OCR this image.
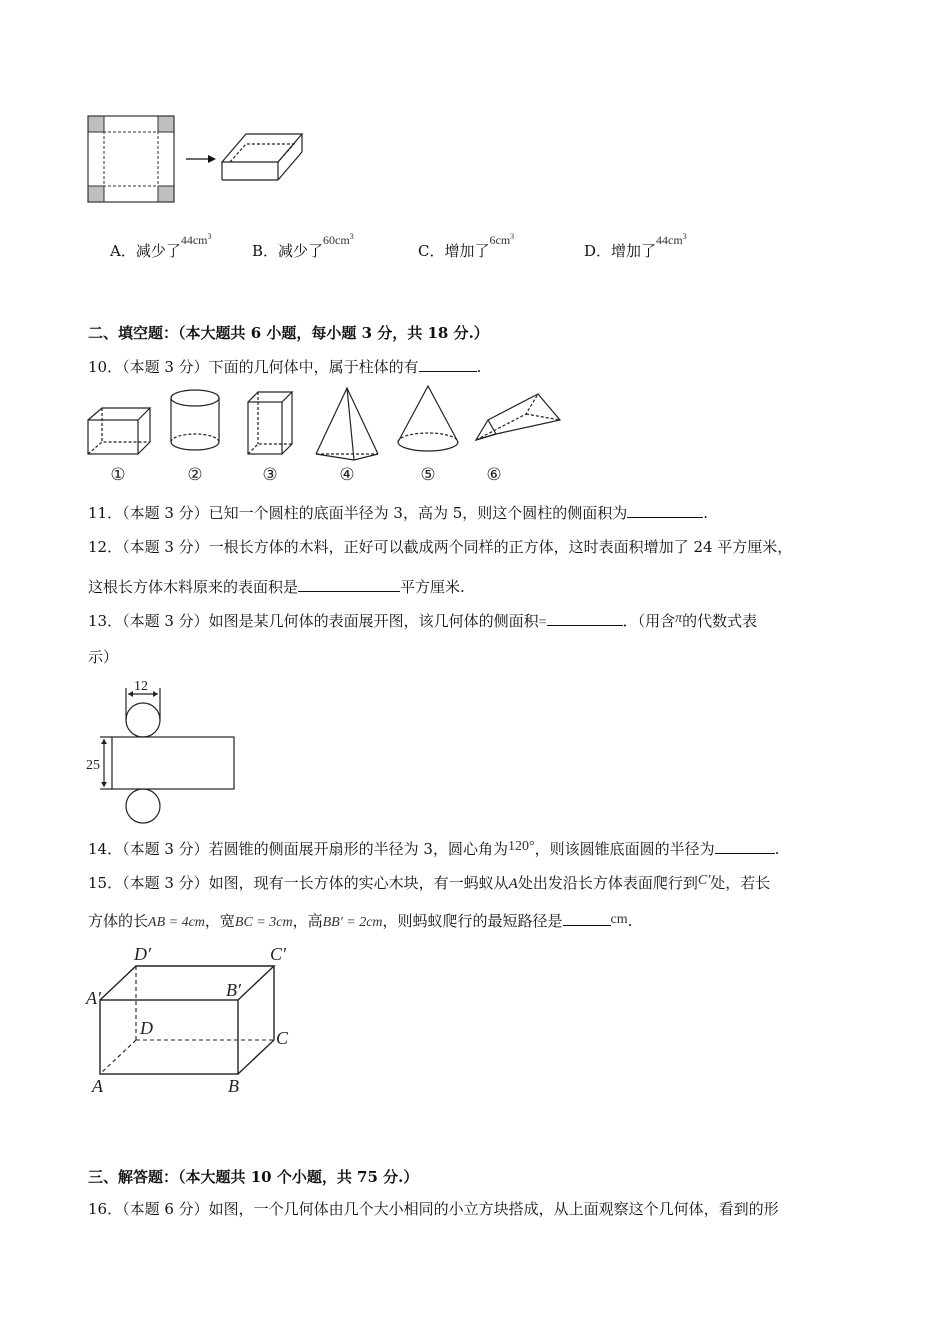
A．减少了$^{44cm^3}$
B．减少了$^{60cm^3}$
C．增加了$^{6cm^3}$
D．增加了$^{44cm^3}$
二、填空题：（本大题共 6 小题，每小题 3 分，共 18 分.）
10．（本题 3 分）下面的几何体中，属于柱体的有	.
①	②	③	④	⑤	⑥
11．（本题 3 分）已知一个圆柱的底面半径为 3，高为 5，则这个圆柱的侧面积为	.
12．（本题 3 分）一根长方体的木料，正好可以截成两个同样的正方体，这时表面积增加了 24 平方厘米，
这根长方体木料原来的表面积是	平方厘米.
13．（本题 3 分）如图是某几何体的表面展开图，该几何体的侧面积=	．（用含π的代数式表
示）
12
25
14．（本题 3 分）若圆锥的侧面展开扇形的半径为 3，圆心角为120°，则该圆锥底面圆的半径为	.
15．（本题 3 分）如图，现有一长方体的实心木块，有一蚂蚁从A处出发沿长方体表面爬行到C′处，若长
方体的长AB = 4cm，宽BC = 3cm，高BB′ = 2cm，则蚂蚁爬行的最短路径是	cm.
D′	C′
A′	B′
D	C
A	B
三、解答题：（本大题共 10 个小题，共 75 分.）
16．（本题 6 分）如图，一个几何体由几个大小相同的小立方块搭成，从上面观察这个几何体，看到的形
